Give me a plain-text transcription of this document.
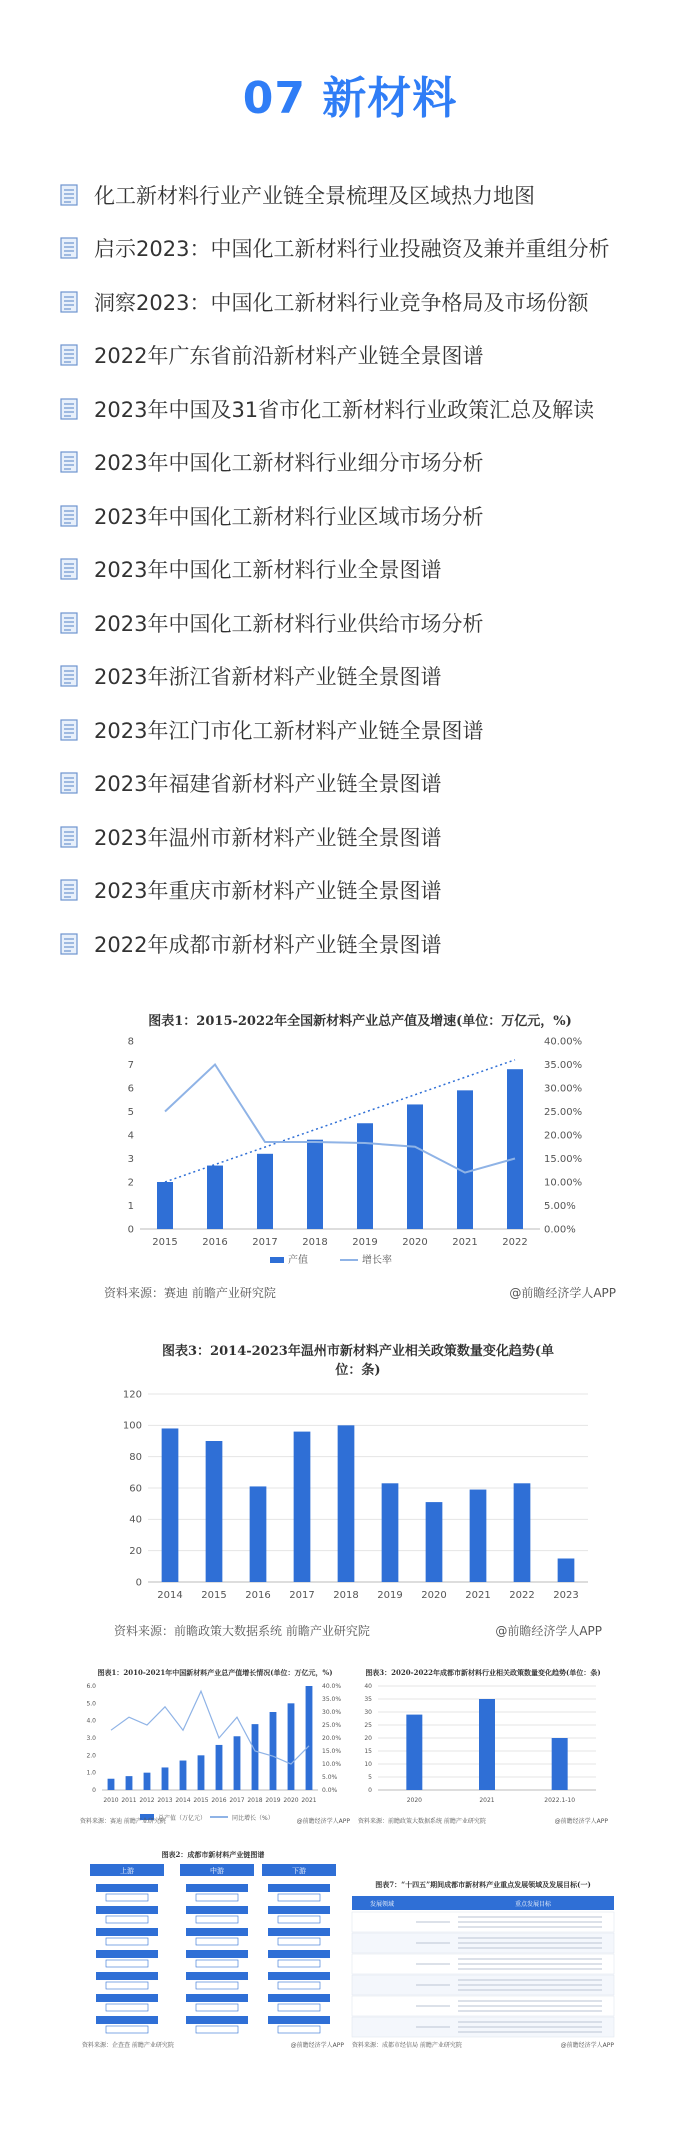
07 新材料
化工新材料行业产业链全景梳理及区域热力地图
启示2023：中国化工新材料行业投融资及兼并重组分析
洞察2023：中国化工新材料行业竞争格局及市场份额
2022年广东省前沿新材料产业链全景图谱
2023年中国及31省市化工新材料行业政策汇总及解读
2023年中国化工新材料行业细分市场分析
2023年中国化工新材料行业区域市场分析
2023年中国化工新材料行业全景图谱
2023年中国化工新材料行业供给市场分析
2023年浙江省新材料产业链全景图谱
2023年江门市化工新材料产业链全景图谱
2023年福建省新材料产业链全景图谱
2023年温州市新材料产业链全景图谱
2023年重庆市新材料产业链全景图谱
2022年成都市新材料产业链全景图谱
图表1：2015-2022年全国新材料产业总产值及增速(单位：万亿元，%)
0
1
2
3
4
5
6
7
8
0.00%
5.00%
10.00%
15.00%
20.00%
25.00%
30.00%
35.00%
40.00%
2015 2016 2017 2018 2019 2020 2021 2022
产值	增长率
资料来源：赛迪 前瞻产业研究院	@前瞻经济学人APP
图表3：2014-2023年温州市新材料产业相关政策数量变化趋势(单 位：条)
0
20
40
60
80
100
120
2014 2015 2016 2017 2018 2019 2020 2021 2022 2023
资料来源：前瞻政策大数据系统 前瞻产业研究院	@前瞻经济学人APP
图表1：2010-2021年中国新材料产业总产值增长情况(单位：万亿元，%)
0
1.0
2.0
3.0
4.0
5.0
6.0
0.0%
5.0%
10.0%
15.0%
20.0%
25.0%
30.0%
35.0%
40.0%
2010 2011 2012 2013 2014 2015 2016 2017 2018 2019 2020 2021
总产值（万亿元）	同比增长（%）
资料来源：赛迪 前瞻产业研究院	@前瞻经济学人APP
图表3：2020-2022年成都市新材料行业相关政策数量变化趋势(单位：条)
0
5
10
15
20
25
30
35
40
2020	2021	2022.1-10
资料来源：前瞻政策大数据系统 前瞻产业研究院	@前瞻经济学人APP
图表2：成都市新材料产业链图谱
上游	中游	下游
资料来源：企查查 前瞻产业研究院	@前瞻经济学人APP
图表7：“十四五”期间成都市新材料产业重点发展领域及发展目标(一)
发展领域	重点发展目标
资料来源：成都市经信局 前瞻产业研究院	@前瞻经济学人APP
